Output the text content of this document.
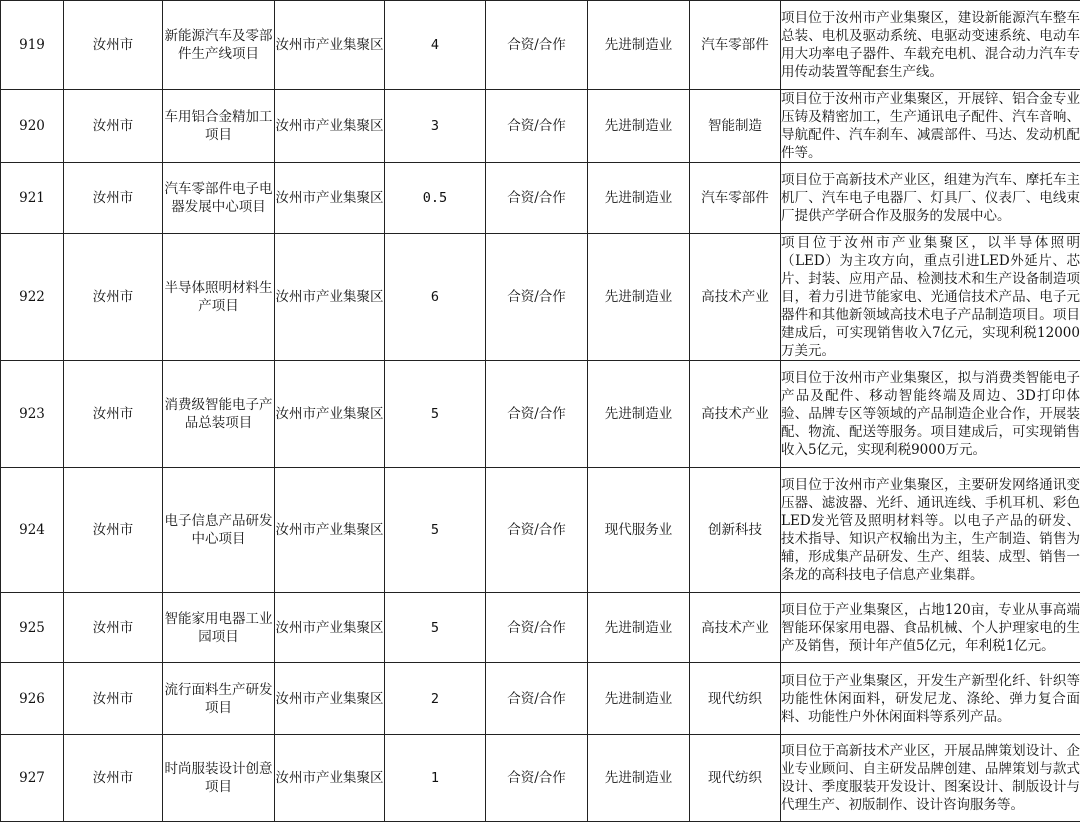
919	汝州市	新能源汽车及零部件生产线项目	汝州市产业集聚区	4	合资/合作	先进制造业	汽车零部件	项目位于汝州市产业集聚区，建设新能源汽车整车总装、电机及驱动系统、电驱动变速系统、电动车用大功率电子器件、车载充电机、混合动力汽车专用传动装置等配套生产线。
920	汝州市	车用铝合金精加工项目	汝州市产业集聚区	3	合资/合作	先进制造业	智能制造	项目位于汝州市产业集聚区，开展锌、铝合金专业压铸及精密加工，生产通讯电子配件、汽车音响、导航配件、汽车刹车、减震部件、马达、发动机配件等。
921	汝州市	汽车零部件电子电器发展中心项目	汝州市产业集聚区	0.5	合资/合作	先进制造业	汽车零部件	项目位于高新技术产业区，组建为汽车、摩托车主机厂、汽车电子电器厂、灯具厂、仪表厂、电线束厂提供产学研合作及服务的发展中心。
922	汝州市	半导体照明材料生产项目	汝州市产业集聚区	6	合资/合作	先进制造业	高技术产业	项目位于汝州市产业集聚区，以半导体照明（LED）为主攻方向，重点引进LED外延片、芯片、封装、应用产品、检测技术和生产设备制造项目，着力引进节能家电、光通信技术产品、电子元器件和其他新领域高技术电子产品制造项目。项目建成后，可实现销售收入7亿元，实现利税12000万美元。
923	汝州市	消费级智能电子产品总装项目	汝州市产业集聚区	5	合资/合作	先进制造业	高技术产业	项目位于汝州市产业集聚区，拟与消费类智能电子产品及配件、移动智能终端及周边、3D打印体验、品牌专区等领域的产品制造企业合作，开展装配、物流、配送等服务。项目建成后，可实现销售收入5亿元，实现利税9000万元。
924	汝州市	电子信息产品研发中心项目	汝州市产业集聚区	5	合资/合作	现代服务业	创新科技	项目位于汝州市产业集聚区，主要研发网络通讯变压器、滤波器、光纤、通讯连线、手机耳机、彩色LED发光管及照明材料等。以电子产品的研发、技术指导、知识产权输出为主，生产制造、销售为辅，形成集产品研发、生产、组装、成型、销售一条龙的高科技电子信息产业集群。
925	汝州市	智能家用电器工业园项目	汝州市产业集聚区	5	合资/合作	先进制造业	高技术产业	项目位于产业集聚区，占地120亩，专业从事高端智能环保家用电器、食品机械、个人护理家电的生产及销售，预计年产值5亿元，年利税1亿元。
926	汝州市	流行面料生产研发项目	汝州市产业集聚区	2	合资/合作	先进制造业	现代纺织	项目位于产业集聚区，开发生产新型化纤、针织等功能性休闲面料，研发尼龙、涤纶、弹力复合面料、功能性户外休闲面料等系列产品。
927	汝州市	时尚服装设计创意项目	汝州市产业集聚区	1	合资/合作	先进制造业	现代纺织	项目位于高新技术产业区，开展品牌策划设计、企业专业顾问、自主研发品牌创建、品牌策划与款式设计、季度服装开发设计、图案设计、制版设计与代理生产、初版制作、设计咨询服务等。
